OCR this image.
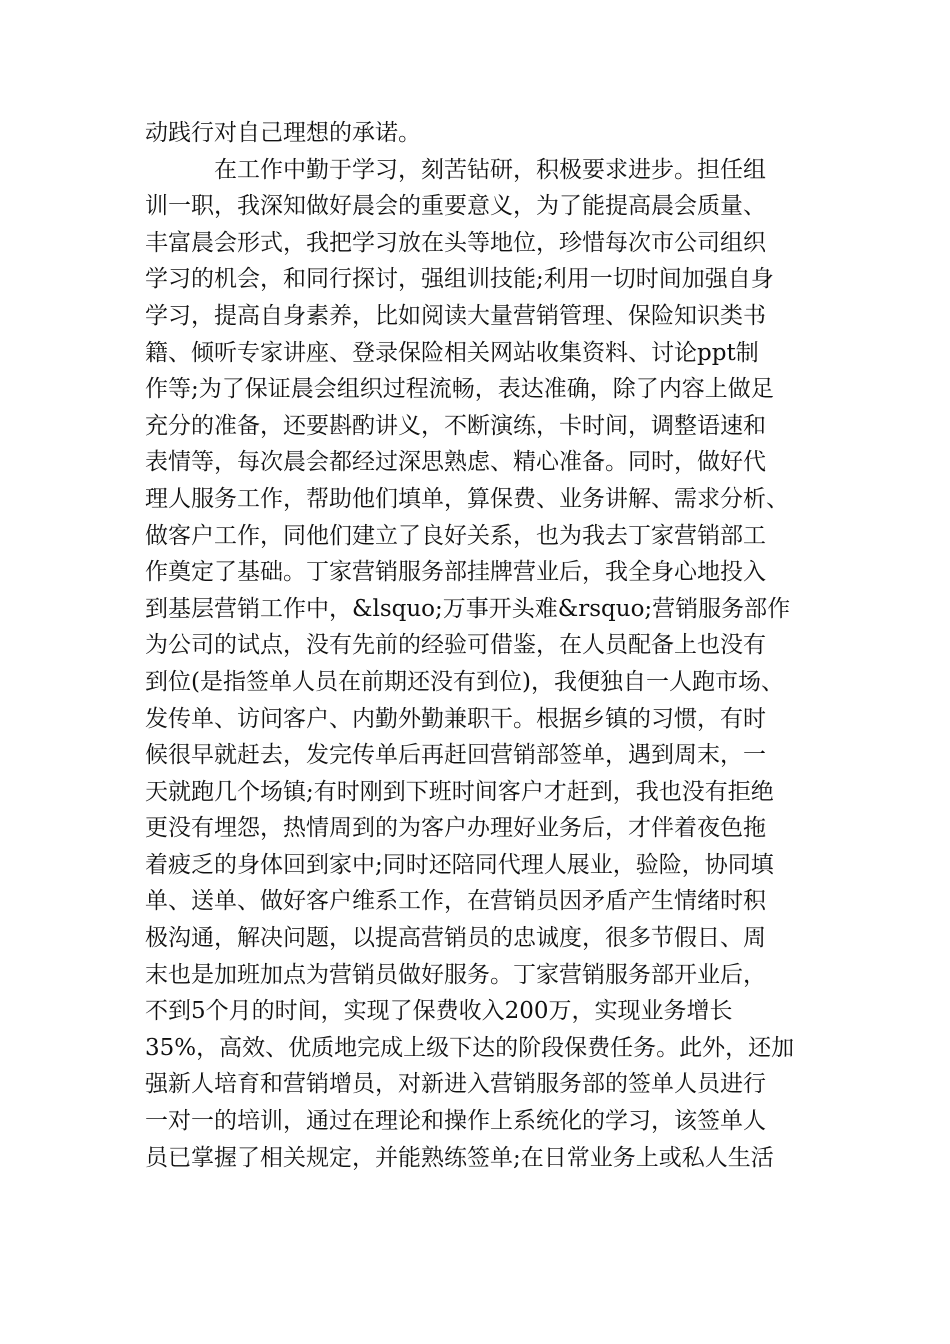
动践行对自己理想的承诺。
在工作中勤于学习，刻苦钻研，积极要求进步。担任组
训一职，我深知做好晨会的重要意义，为了能提高晨会质量、
丰富晨会形式，我把学习放在头等地位，珍惜每次市公司组织
学习的机会，和同行探讨，强组训技能;利用一切时间加强自身
学习，提高自身素养，比如阅读大量营销管理、保险知识类书
籍、倾听专家讲座、登录保险相关网站收集资料、讨论ppt制
作等;为了保证晨会组织过程流畅，表达准确，除了内容上做足
充分的准备，还要斟酌讲义，不断演练，卡时间，调整语速和
表情等，每次晨会都经过深思熟虑、精心准备。同时，做好代
理人服务工作，帮助他们填单，算保费、业务讲解、需求分析、
做客户工作，同他们建立了良好关系，也为我去丁家营销部工
作奠定了基础。丁家营销服务部挂牌营业后，我全身心地投入
到基层营销工作中，&lsquo;万事开头难&rsquo;营销服务部作
为公司的试点，没有先前的经验可借鉴，在人员配备上也没有
到位(是指签单人员在前期还没有到位)，我便独自一人跑市场、
发传单、访问客户、内勤外勤兼职干。根据乡镇的习惯，有时
候很早就赶去，发完传单后再赶回营销部签单，遇到周末，一
天就跑几个场镇;有时刚到下班时间客户才赶到，我也没有拒绝
更没有埋怨，热情周到的为客户办理好业务后，才伴着夜色拖
着疲乏的身体回到家中;同时还陪同代理人展业，验险，协同填
单、送单、做好客户维系工作，在营销员因矛盾产生情绪时积
极沟通，解决问题，以提高营销员的忠诚度，很多节假日、周
末也是加班加点为营销员做好服务。丁家营销服务部开业后，
不到5个月的时间，实现了保费收入200万，实现业务增长
35%，高效、优质地完成上级下达的阶段保费任务。此外，还加
强新人培育和营销增员，对新进入营销服务部的签单人员进行
一对一的培训，通过在理论和操作上系统化的学习，该签单人
员已掌握了相关规定，并能熟练签单;在日常业务上或私人生活
